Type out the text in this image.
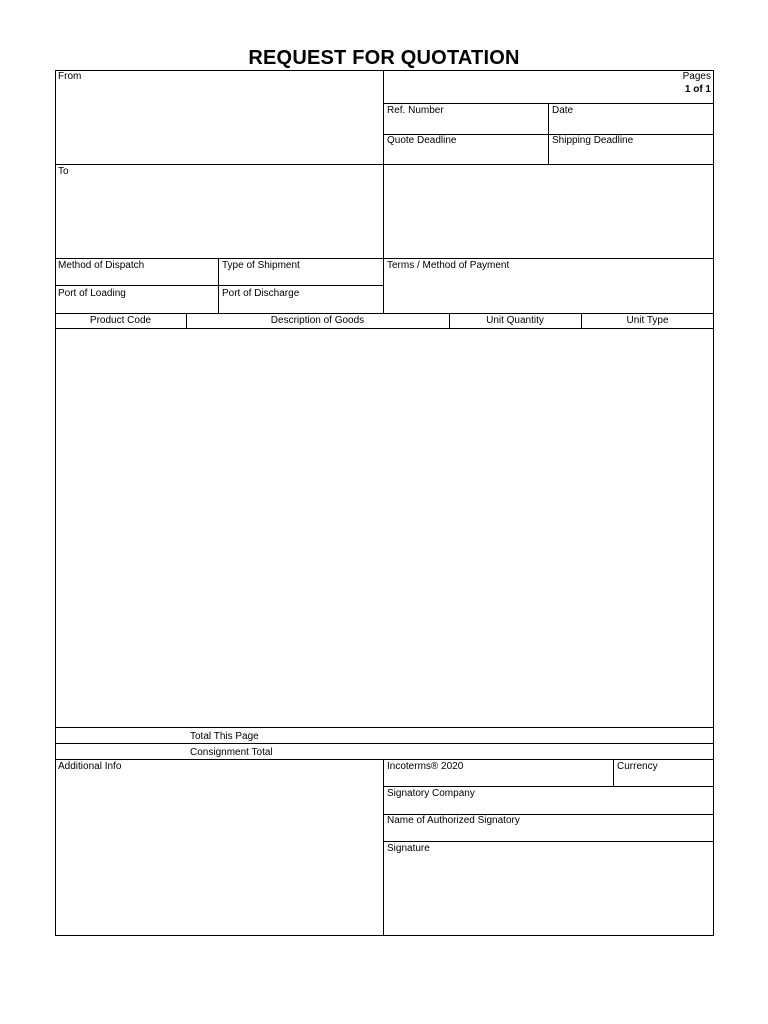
REQUEST FOR QUOTATION
From	Pages
1 of 1
Ref. Number	Date
Quote Deadline	Shipping Deadline
To
Method of Dispatch	Type of Shipment	Terms / Method of Payment
Port of Loading	Port of Discharge
Product Code	Description of Goods	Unit Quantity	Unit Type
Total This Page
Consignment Total
Additional Info	Incoterms® 2020	Currency
Signatory Company
Name of Authorized Signatory
Signature
